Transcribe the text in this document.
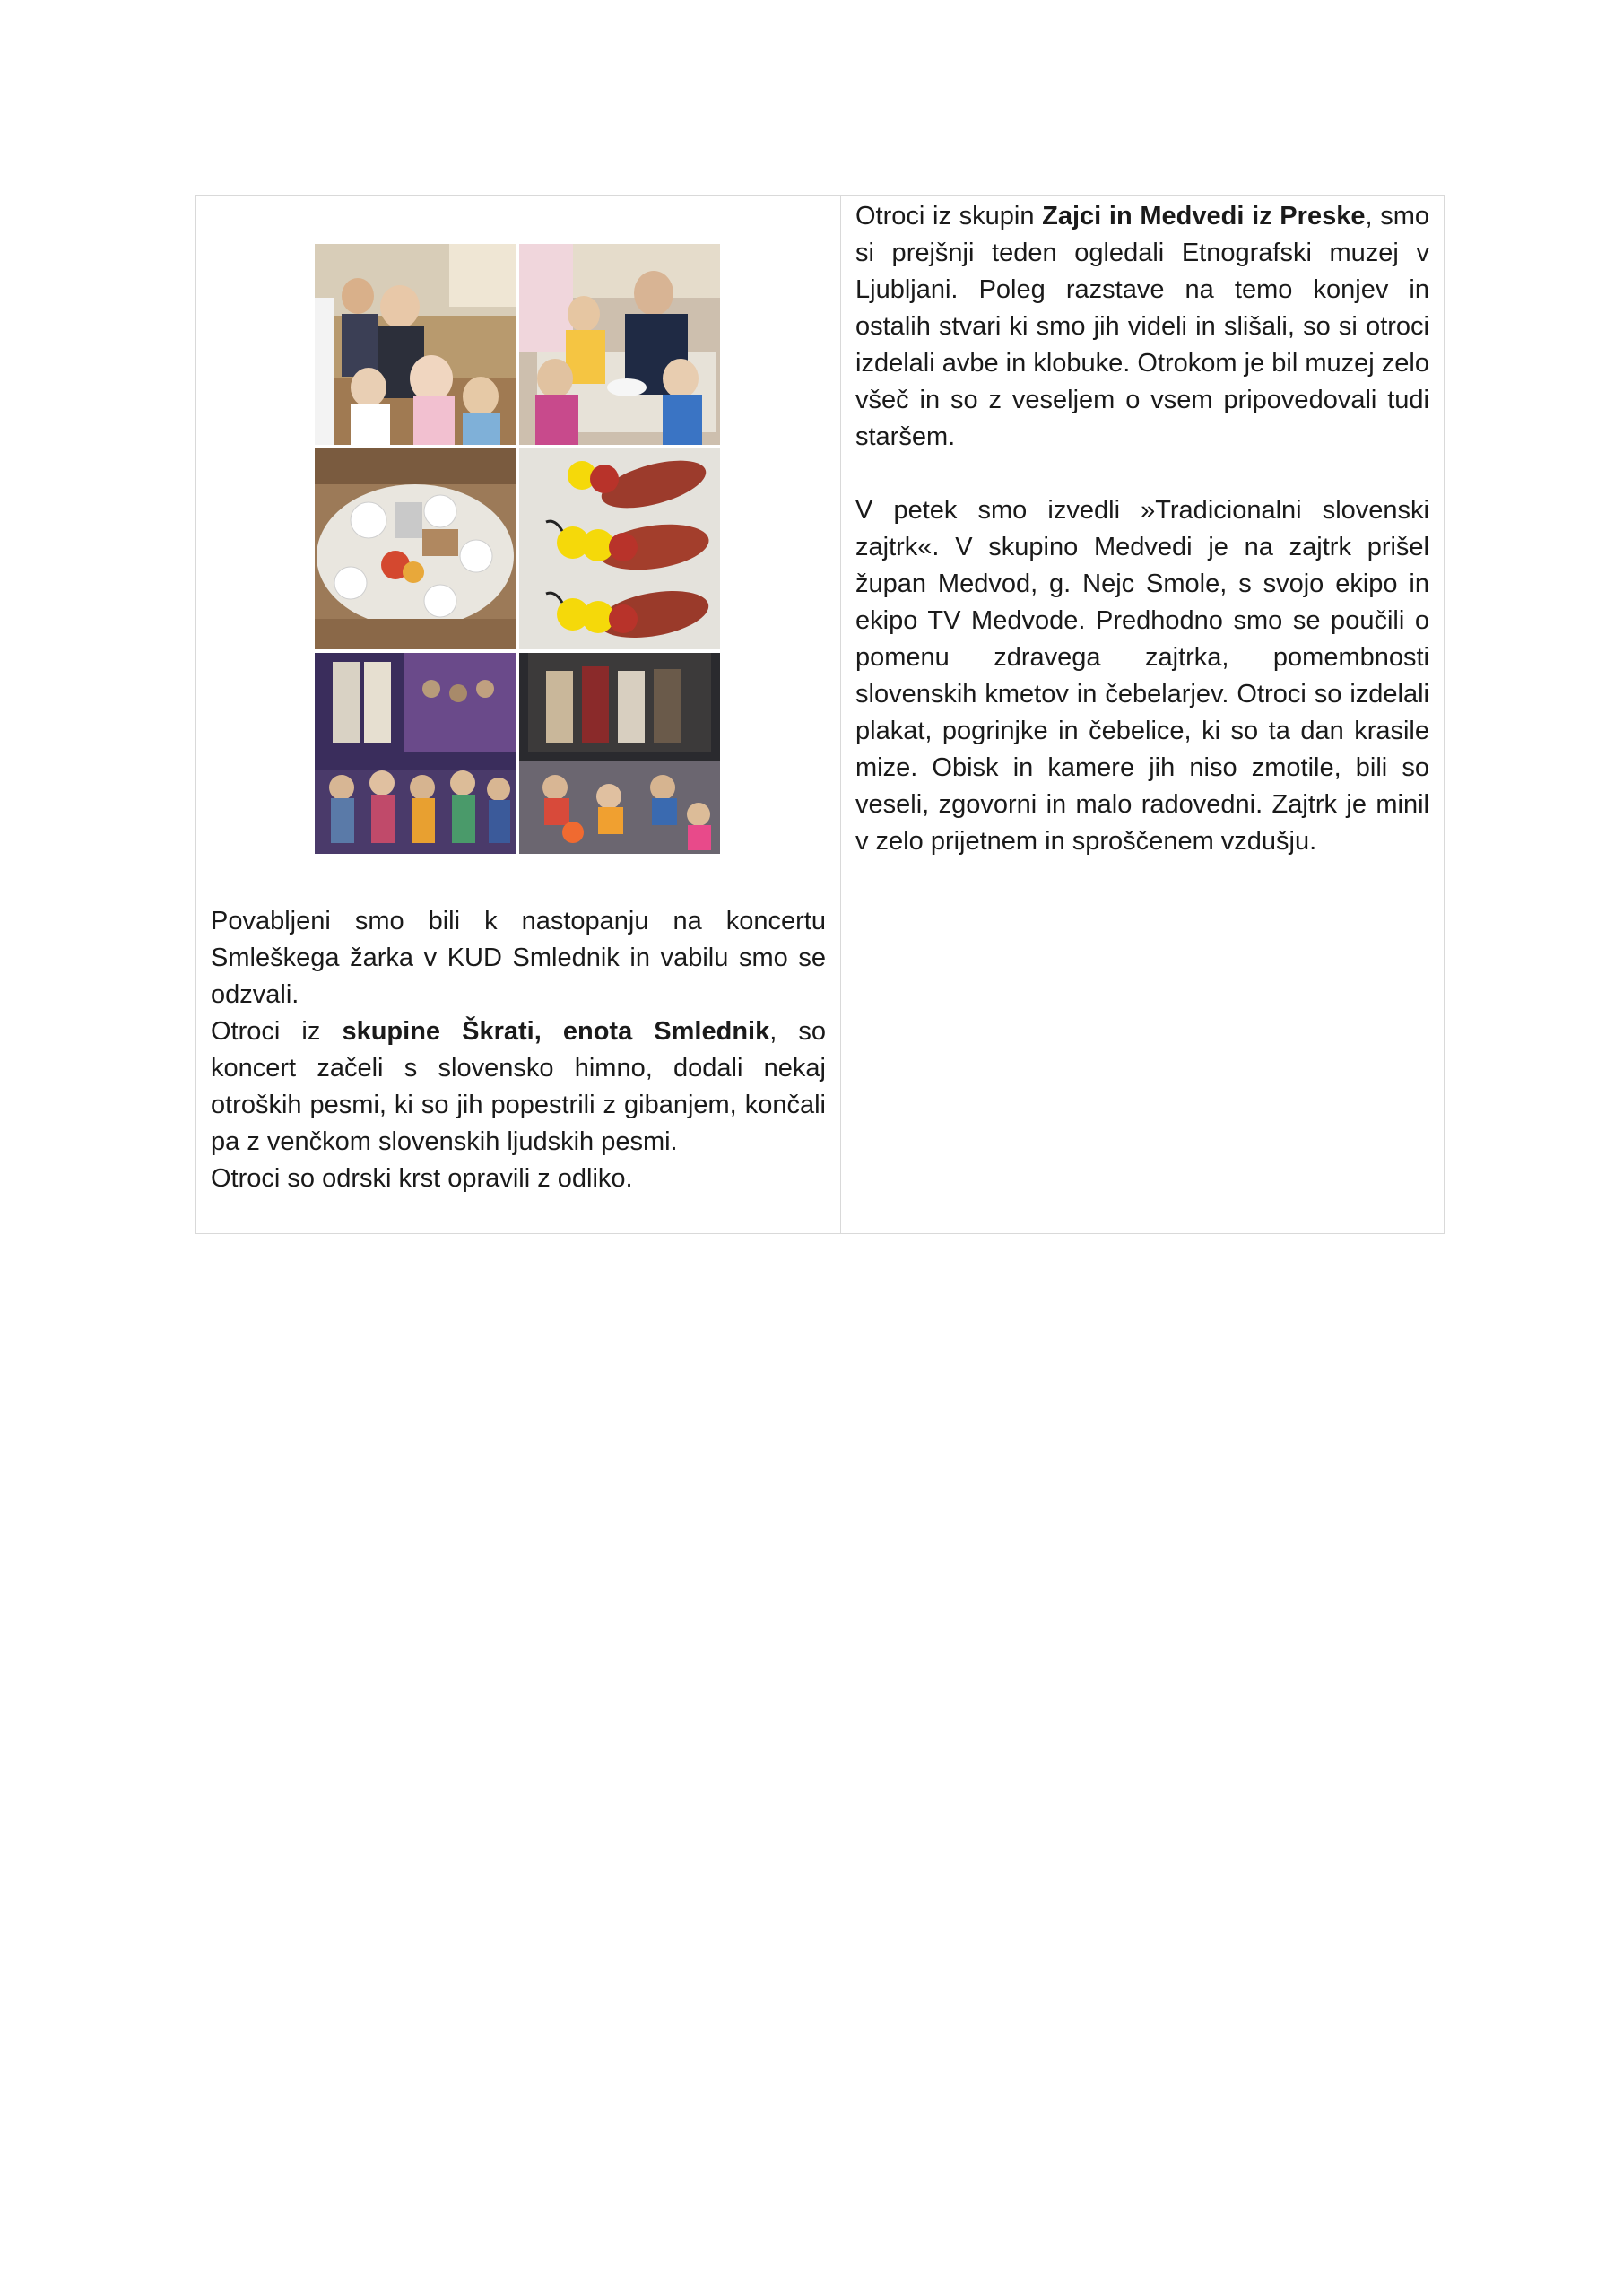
Otroci iz skupin Zajci in Medvedi iz Preske, smo si prejšnji teden ogledali Etnografski muzej v Ljubljani. Poleg razstave na temo konjev in ostalih stvari ki smo jih videli in slišali, so si otroci izdelali avbe in klobuke. Otrokom je bil muzej zelo všeč in so z veseljem o vsem pripovedovali tudi staršem.

V petek smo izvedli »Tradicionalni slovenski zajtrk«. V skupino Medvedi je na zajtrk prišel župan Medvod, g. Nejc Smole, s svojo ekipo in ekipo TV Medvode. Predhodno smo se poučili o pomenu zdravega zajtrka, pomembnosti slovenskih kmetov in čebelarjev. Otroci so izdelali plakat, pogrinjke in čebelice, ki so ta dan krasile mize. Obisk in kamere jih niso zmotile, bili so veseli, zgovorni in malo radovedni. Zajtrk je minil v zelo prijetnem in sproščenem vzdušju.

Povabljeni smo bili k nastopanju na koncertu Smleškega žarka v KUD Smlednik in vabilu smo se odzvali.

Otroci iz skupine Škrati, enota Smlednik, so koncert začeli s slovensko himno, dodali nekaj otroških pesmi, ki so jih popestrili z gibanjem, končali pa z venčkom slovenskih ljudskih pesmi.

Otroci so odrski krst opravili z odliko.	
